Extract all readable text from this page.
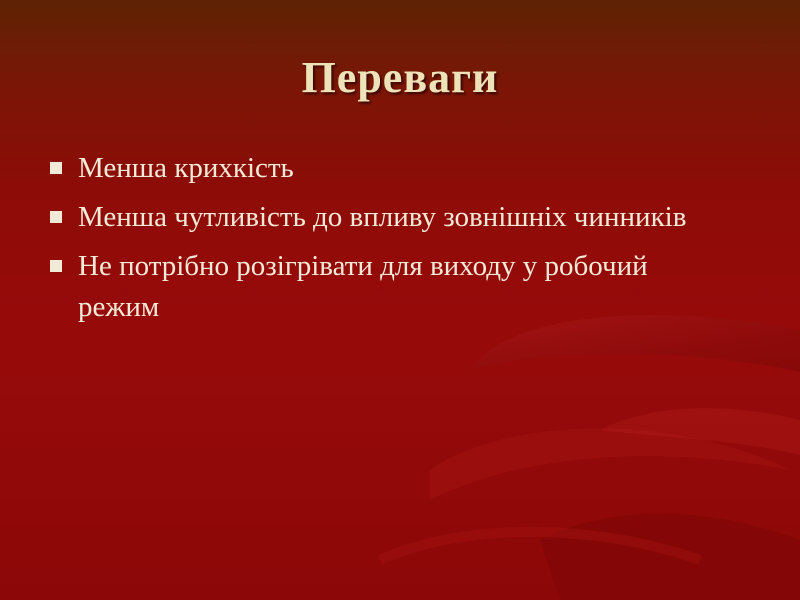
Переваги
Менша крихкість
Менша чутливість до впливу зовнішніх чинників
Не потрібно розігрівати для виходу у робочий режим
